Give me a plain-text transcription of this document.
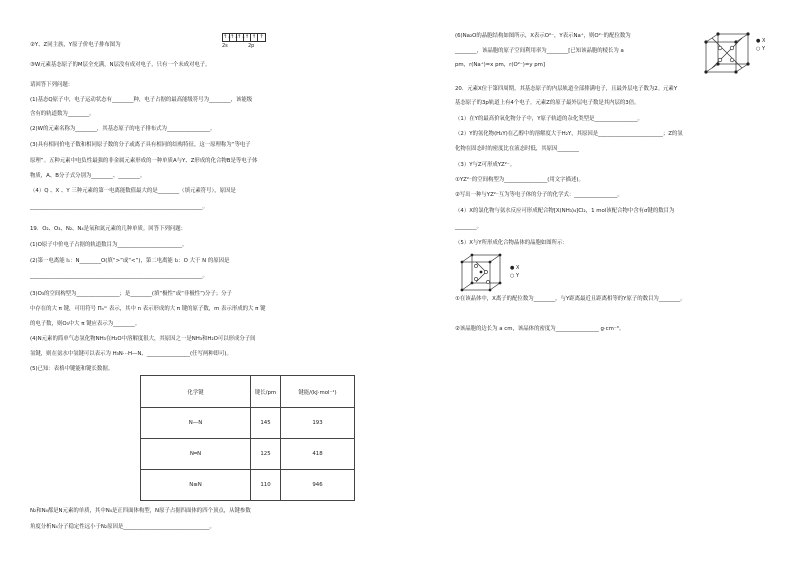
↑↓
↑↓
↑↓ ↑ ↑ ↑
2s	2p
②Y、Z同主族，Y原子价电子排布图为
③W元素基态原子的M层全充满，N层没有成对电子，只有一个未成对电子。
请回答下列问题：
(1)基态Q原子中，电子运动状态有________种，电子占据的最高能级符号为________，该能级
含有的轨道数为________。
(2)W的元素名称为________，其基态原子的电子排布式为________________。
(3)具有相同价电子数和相同原子数的分子或离子具有相同的结构特征，这一原理称为“等电子
原理”。五种元素中电负性最强的非金属元素形成的一种单质A与Y、Z形成的化合物B是等电子体
物质，A、B分子式分别为________、________。
（4）Q 、X 、Y 三种元素的第一电离能数值最大的是________（填元素符号），原因是
________________________________________________________________。
19．O₂、O₃、N₂、N₄是氧和氮元素的几种单质。回答下列问题：
(1)O原子中价电子占据的轨道数目为________________________。
(2)第一电离能 I₁：N________O(填“>”或“<”)，第二电离能 I₂：O 大于 N 的原因是
________________________________________________________________。
(3)O₃的空间构型为________________；是________(填“极性”或“非极性”)分子；分子
中存在的大 π 键，可用符号 Πₙᵐ 表示，其中 n 表示形成的大 π 键的原子数，m 表示形成的大 π 键
的电子数，则O₃中大 π 键应表示为________。
(4)N元素的简单气态氢化物NH₃在H₂O中溶解度很大，其原因之一是NH₃和H₂O可以形成分子间
氢键，则在氨水中氢键可以表示为 H₃N···H—N、________________(任写两种即可)。
(5)已知：表格中键能和键长数据。
化学键	键长/pm	键能/(kJ·mol⁻¹)
N—N	145	193
N═N	125	418
N≡N	110	946
N₂和N₄都是N元素的单质，其中N₄是正四面体构型，N原子占据四面体的四个顶点，从键参数
角度分析N₄分子稳定性远小于N₂原因是________________________________。
(6)Na₂O的晶胞结构如图所示，X表示O²⁻，Y表示Na⁺，则O²⁻的配位数为
________，该晶胞的原子空间利用率为________[已知该晶胞的棱长为 a
pm，r(Na⁺)=x pm，r(O²⁻)=y pm]
● X
○ Y
20．元素X位于第四周期，其基态原子的内层轨道全部排满电子，且最外层电子数为2。元素Y
基态原子的3p轨道上有4个电子。元素Z的原子最外层电子数是其内层的3倍。
（1）在Y的最高价氧化物分子中，Y原子轨道的杂化类型是________________。
（2）Y的氢化物(H₂Y)在乙醇中的溶解度大于H₂Y，其原因是________________________；Z的氢
化物在固态时的密度比在液态时低，其原因________
（3）Y与Z可形成YZ²⁻。
①YZ²⁻的空间构型为________________(用文字描述)。
②写出一种与YZ²⁻互为等电子体的分子的化学式：________________。
（4）X的氯化物与氨水反应可形成配合物[X(NH₃)₄]Cl₂，1 mol该配合物中含有σ键的数目为
________。
（5）X与Y所形成化合物晶体的晶胞如图所示：
● X
○ Y
①在该晶体中，X离子的配位数为________，与Y距离最近且距离相等的Y原子的数目为________。
②该晶胞的边长为 a cm，该晶体的密度为________________ g·cm⁻³。
